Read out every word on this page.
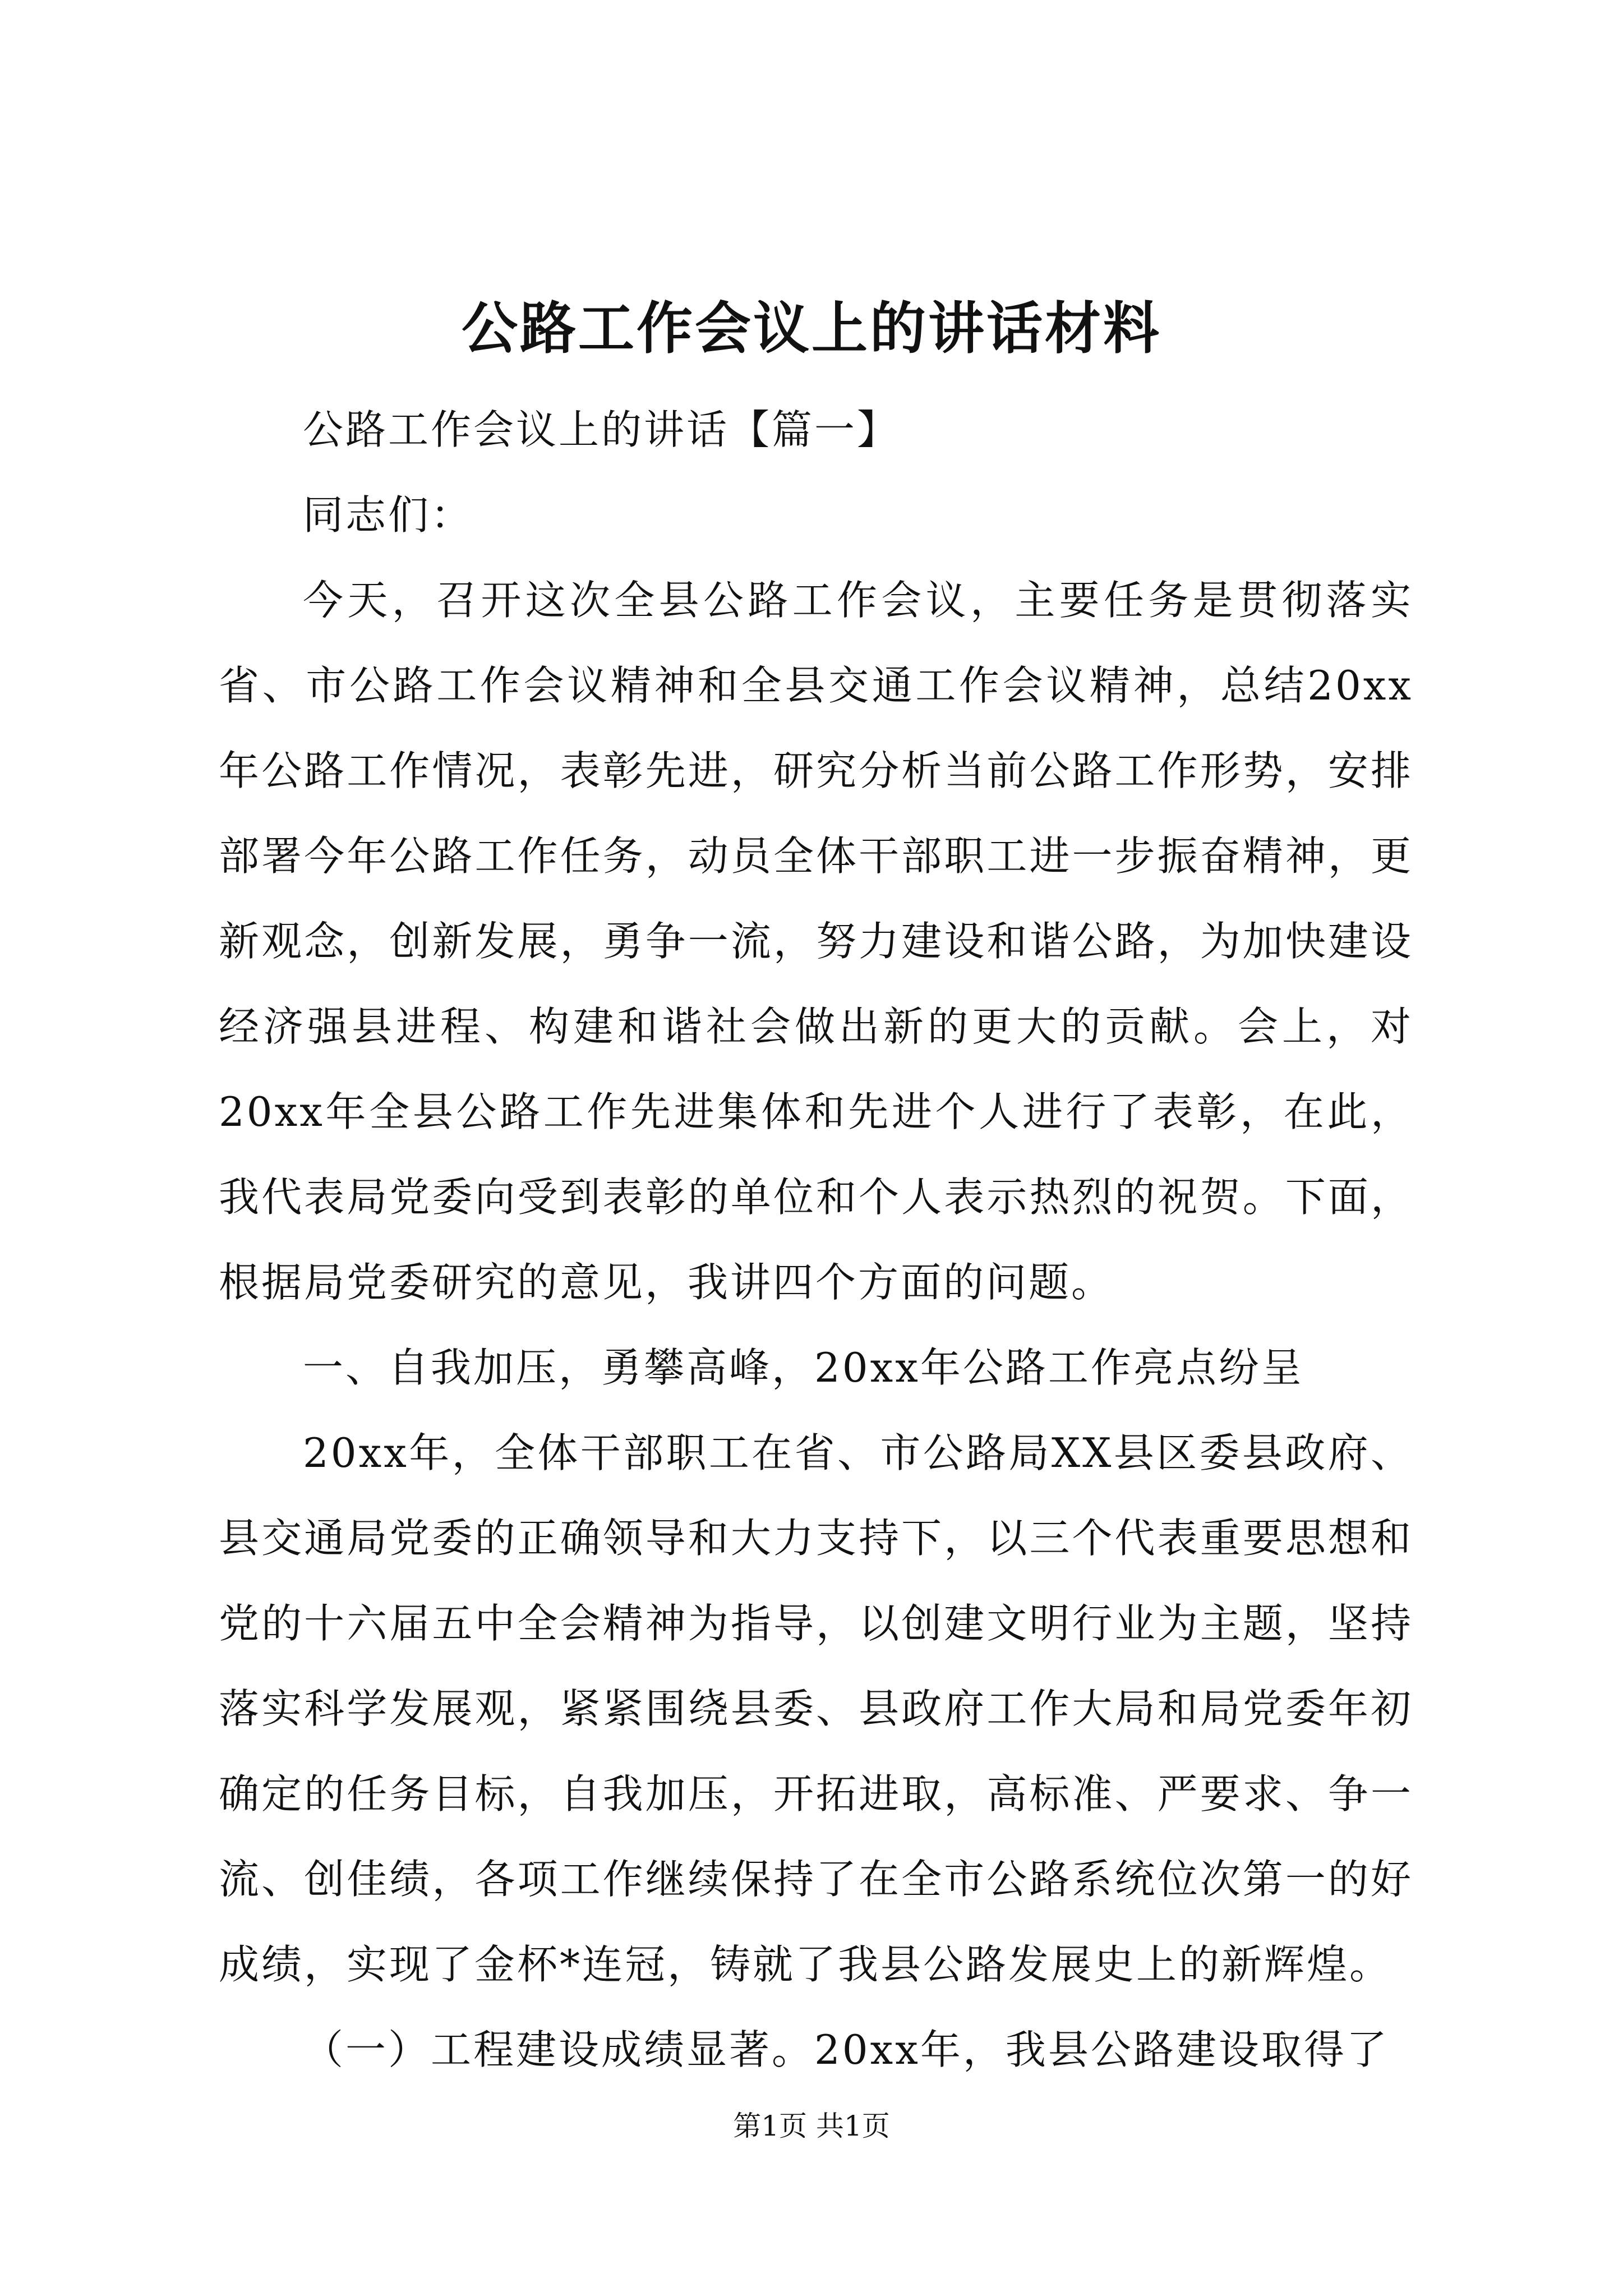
公路工作会议上的讲话材料

公路工作会议上的讲话【篇一】

同志们：

今天，召开这次全县公路工作会议，主要任务是贯彻落实省、市公路工作会议精神和全县交通工作会议精神，总结20xx年公路工作情况，表彰先进，研究分析当前公路工作形势，安排部署今年公路工作任务，动员全体干部职工进一步振奋精神，更新观念，创新发展，勇争一流，努力建设和谐公路，为加快建设经济强县进程、构建和谐社会做出新的更大的贡献。会上，对20xx年全县公路工作先进集体和先进个人进行了表彰，在此，我代表局党委向受到表彰的单位和个人表示热烈的祝贺。下面，根据局党委研究的意见，我讲四个方面的问题。

一、自我加压，勇攀高峰，20xx年公路工作亮点纷呈

20xx年，全体干部职工在省、市公路局XX县区委县政府、县交通局党委的正确领导和大力支持下，以三个代表重要思想和党的十六届五中全会精神为指导，以创建文明行业为主题，坚持落实科学发展观，紧紧围绕县委、县政府工作大局和局党委年初确定的任务目标，自我加压，开拓进取，高标准、严要求、争一流、创佳绩，各项工作继续保持了在全市公路系统位次第一的好成绩，实现了金杯*连冠，铸就了我县公路发展史上的新辉煌。

（一）工程建设成绩显著。20xx年，我县公路建设取得了

第1页 共1页
